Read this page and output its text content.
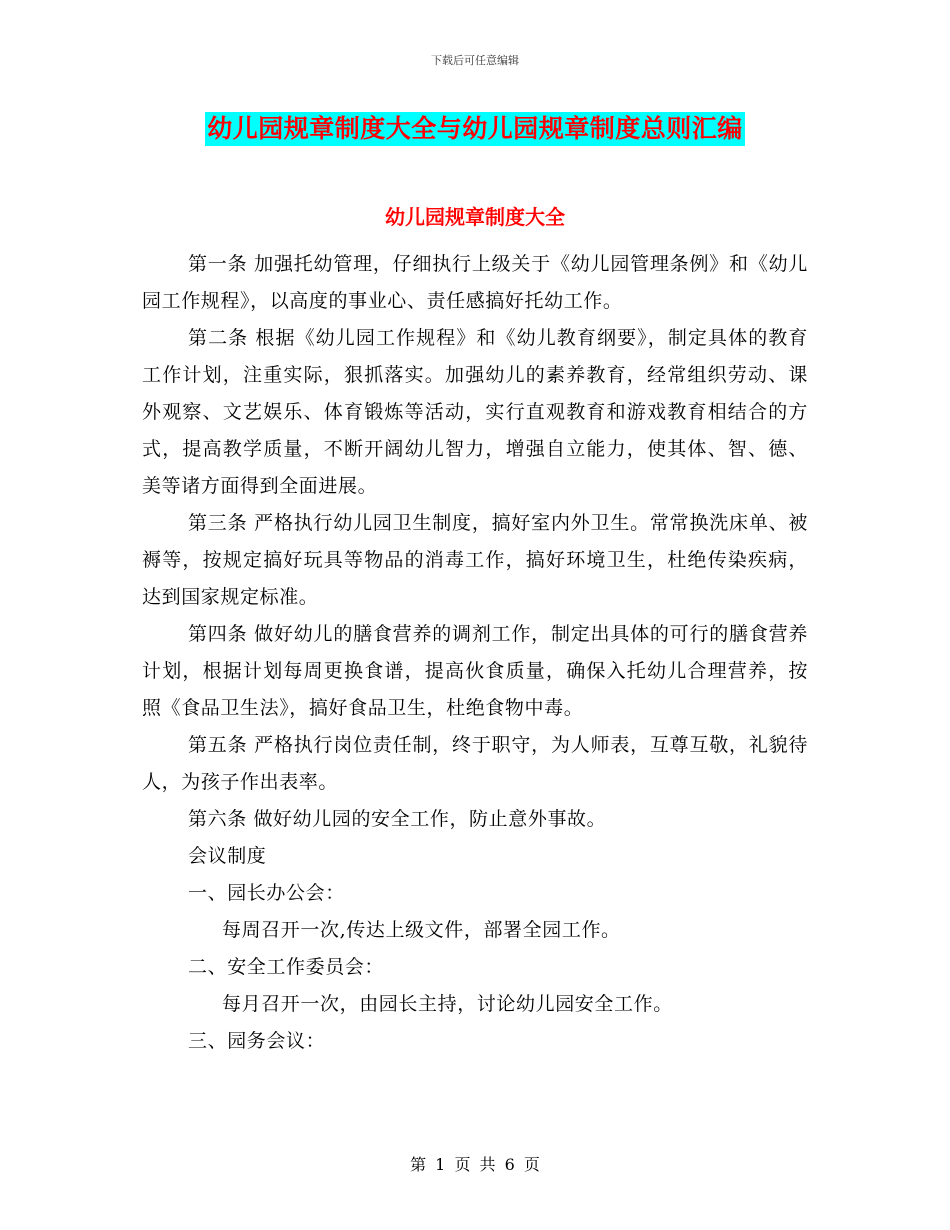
下载后可任意编辑
幼儿园规章制度大全与幼儿园规章制度总则汇编
幼儿园规章制度大全

第一条 加强托幼管理，仔细执行上级关于《幼儿园管理条例》和《幼儿园工作规程》，以高度的事业心、责任感搞好托幼工作。

第二条 根据《幼儿园工作规程》和《幼儿教育纲要》，制定具体的教育工作计划，注重实际，狠抓落实。加强幼儿的素养教育，经常组织劳动、课外观察、文艺娱乐、体育锻炼等活动，实行直观教育和游戏教育相结合的方式，提高教学质量，不断开阔幼儿智力，增强自立能力，使其体、智、德、美等诸方面得到全面进展。

第三条 严格执行幼儿园卫生制度，搞好室内外卫生。常常换洗床单、被褥等，按规定搞好玩具等物品的消毒工作，搞好环境卫生，杜绝传染疾病，达到国家规定标准。

第四条 做好幼儿的膳食营养的调剂工作，制定出具体的可行的膳食营养计划，根据计划每周更换食谱，提高伙食质量，确保入托幼儿合理营养，按照《食品卫生法》，搞好食品卫生，杜绝食物中毒。

第五条 严格执行岗位责任制，终于职守，为人师表，互尊互敬，礼貌待人，为孩子作出表率。

第六条 做好幼儿园的安全工作，防止意外事故。

会议制度

一、园长办公会：

每周召开一次,传达上级文件，部署全园工作。

二、安全工作委员会：

每月召开一次，由园长主持，讨论幼儿园安全工作。

三、园务会议：

第 1 页 共 6 页
